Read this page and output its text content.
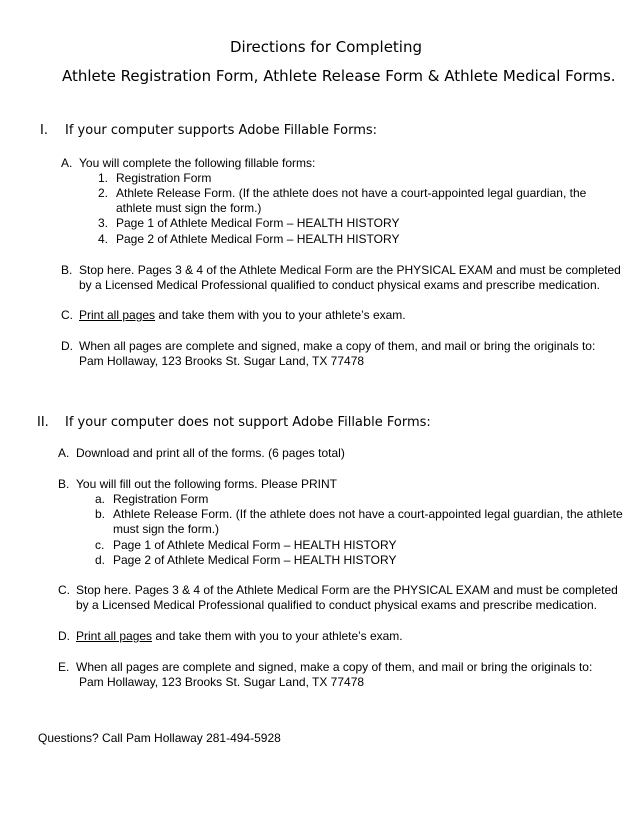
Directions for Completing
Athlete Registration Form, Athlete Release Form & Athlete Medical Forms.
I. If your computer supports Adobe Fillable Forms:
A. You will complete the following fillable forms:
1. Registration Form
2. Athlete Release Form. (If the athlete does not have a court-appointed legal guardian, the
athlete must sign the form.)
3. Page 1 of Athlete Medical Form – HEALTH HISTORY
4. Page 2 of Athlete Medical Form – HEALTH HISTORY
B. Stop here. Pages 3 & 4 of the Athlete Medical Form are the PHYSICAL EXAM and must be completed
by a Licensed Medical Professional qualified to conduct physical exams and prescribe medication.
C. Print all pages and take them with you to your athlete’s exam.
D. When all pages are complete and signed, make a copy of them, and mail or bring the originals to:
Pam Hollaway, 123 Brooks St. Sugar Land, TX 77478
II. If your computer does not support Adobe Fillable Forms:
A. Download and print all of the forms. (6 pages total)
B. You will fill out the following forms. Please PRINT
a. Registration Form
b. Athlete Release Form. (If the athlete does not have a court-appointed legal guardian, the athlete
must sign the form.)
c. Page 1 of Athlete Medical Form – HEALTH HISTORY
d. Page 2 of Athlete Medical Form – HEALTH HISTORY
C. Stop here. Pages 3 & 4 of the Athlete Medical Form are the PHYSICAL EXAM and must be completed
by a Licensed Medical Professional qualified to conduct physical exams and prescribe medication.
D. Print all pages and take them with you to your athlete’s exam.
E. When all pages are complete and signed, make a copy of them, and mail or bring the originals to:
Pam Hollaway, 123 Brooks St. Sugar Land, TX 77478
Questions? Call Pam Hollaway 281-494-5928
